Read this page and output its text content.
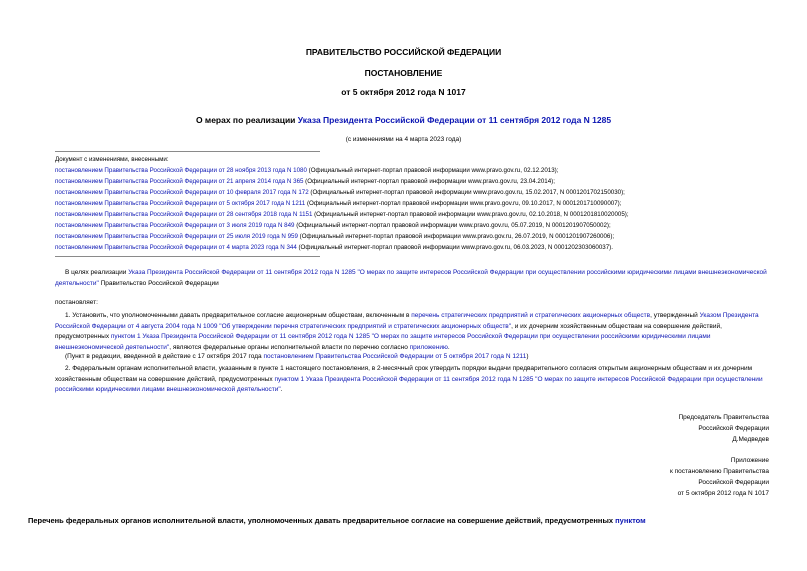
ПРАВИТЕЛЬСТВО РОССИЙСКОЙ ФЕДЕРАЦИИ
ПОСТАНОВЛЕНИЕ
от 5 октября 2012 года N 1017
О мерах по реализации Указа Президента Российской Федерации от 11 сентября 2012 года N 1285
(с изменениями на 4 марта 2023 года)
Документ с изменениями, внесенными:
постановлением Правительства Российской Федерации от 28 ноября 2013 года N 1080 (Официальный интернет-портал правовой информации www.pravo.gov.ru, 02.12.2013);
постановлением Правительства Российской Федерации от 21 апреля 2014 года N 365 (Официальный интернет-портал правовой информации www.pravo.gov.ru, 23.04.2014);
постановлением Правительства Российской Федерации от 10 февраля 2017 года N 172 (Официальный интернет-портал правовой информации www.pravo.gov.ru, 15.02.2017, N 0001201702150030);
постановлением Правительства Российской Федерации от 5 октября 2017 года N 1211 (Официальный интернет-портал правовой информации www.pravo.gov.ru, 09.10.2017, N 0001201710090007);
постановлением Правительства Российской Федерации от 28 сентября 2018 года N 1151 (Официальный интернет-портал правовой информации www.pravo.gov.ru, 02.10.2018, N 0001201810020005);
постановлением Правительства Российской Федерации от 3 июля 2019 года N 849 (Официальный интернет-портал правовой информации www.pravo.gov.ru, 05.07.2019, N 0001201907050002);
постановлением Правительства Российской Федерации от 25 июля 2019 года N 959 (Официальный интернет-портал правовой информации www.pravo.gov.ru, 26.07.2019, N 0001201907260006);
постановлением Правительства Российской Федерации от 4 марта 2023 года N 344 (Официальный интернет-портал правовой информации www.pravo.gov.ru, 06.03.2023, N 0001202303060037).
В целях реализации Указа Президента Российской Федерации от 11 сентября 2012 года N 1285 "О мерах по защите интересов Российской Федерации при осуществлении российскими юридическими лицами внешнеэкономической деятельности" Правительство Российской Федерации
постановляет:
1. Установить, что уполномоченными давать предварительное согласие акционерным обществам, включенным в перечень стратегических предприятий и стратегических акционерных обществ, утвержденный Указом Президента Российской Федерации от 4 августа 2004 года N 1009 "Об утверждении перечня стратегических предприятий и стратегических акционерных обществ", и их дочерним хозяйственным обществам на совершение действий, предусмотренных пунктом 1 Указа Президента Российской Федерации от 11 сентября 2012 года N 1285 "О мерах по защите интересов Российской Федерации при осуществлении российскими юридическими лицами внешнеэкономической деятельности", являются федеральные органы исполнительной власти по перечню согласно приложению.
(Пункт в редакции, введенной в действие с 17 октября 2017 года постановлением Правительства Российской Федерации от 5 октября 2017 года N 1211)
2. Федеральным органам исполнительной власти, указанным в пункте 1 настоящего постановления, в 2-месячный срок утвердить порядки выдачи предварительного согласия открытым акционерным обществам и их дочерним хозяйственным обществам на совершение действий, предусмотренных пунктом 1 Указа Президента Российской Федерации от 11 сентября 2012 года N 1285 "О мерах по защите интересов Российской Федерации при осуществлении российскими юридическими лицами внешнеэкономической деятельности".
Председатель Правительства
Российской Федерации
Д.Медведев
Приложение
к постановлению Правительства
Российской Федерации
от 5 октября 2012 года N 1017
Перечень федеральных органов исполнительной власти, уполномоченных давать предварительное согласие на совершение действий, предусмотренных пунктом
